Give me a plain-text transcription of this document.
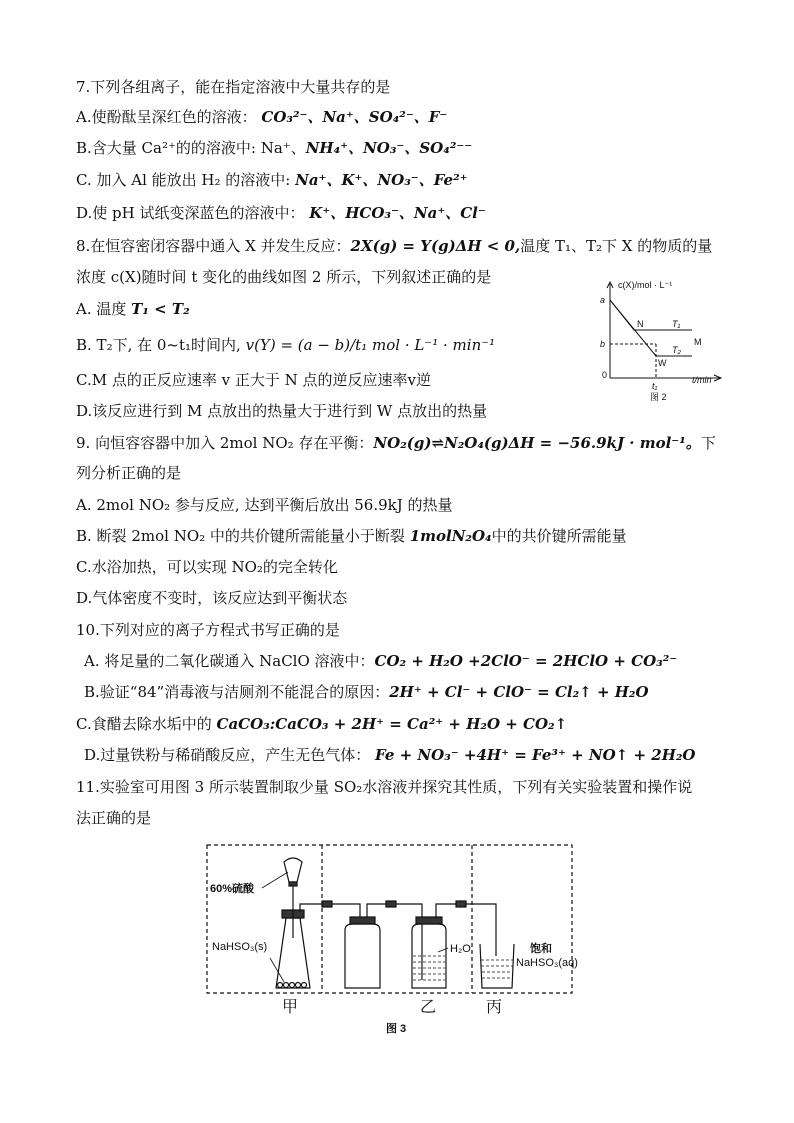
7.下列各组离子，能在指定溶液中大量共存的是
A.使酚酞呈深红色的溶液： CO₃²⁻、Na⁺、SO₄²⁻、F⁻
B.含大量 Ca²⁺的的溶液中: Na⁺、NH₄⁺、NO₃⁻、SO₄²⁻⁻
C. 加入 Al 能放出 H₂ 的溶液中: Na⁺、K⁺、NO₃⁻、Fe²⁺
D.使 pH 试纸变深蓝色的溶液中： K⁺、HCO₃⁻、Na⁺、Cl⁻
8.在恒容密闭容器中通入 X 并发生反应：2X(g) = Y(g)ΔH < 0,温度 T₁、T₂下 X 的物质的量
浓度 c(X)随时间 t 变化的曲线如图 2 所示，下列叙述正确的是
A. 温度 T₁ < T₂
B. T₂下, 在 0~t₁时间内, v(Y) = (a − b)/t₁ mol · L⁻¹ · min⁻¹
C.M 点的正反应速率 v 正大于 N 点的逆反应速率v逆
D.该反应进行到 M 点放出的热量大于进行到 W 点放出的热量
c(X)/mol · L⁻¹
a
b
0
t₁
t/min
N	T₁
M
T₂
W
图 2
9. 向恒容容器中加入 2mol NO₂ 存在平衡：NO₂(g)⇌N₂O₄(g)ΔH = −56.9kJ · mol⁻¹。下
列分析正确的是
A. 2mol NO₂ 参与反应, 达到平衡后放出 56.9kJ 的热量
B. 断裂 2mol NO₂ 中的共价键所需能量小于断裂 1molN₂O₄中的共价键所需能量
C.水浴加热，可以实现 NO₂的完全转化
D.气体密度不变时，该反应达到平衡状态
10.下列对应的离子方程式书写正确的是
A. 将足量的二氧化碳通入 NaClO 溶液中：CO₂ + H₂O +2ClO⁻ = 2HClO + CO₃²⁻
B.验证“84”消毒液与洁厕剂不能混合的原因：2H⁺ + Cl⁻ + ClO⁻ = Cl₂↑ + H₂O
C.食醋去除水垢中的 CaCO₃:CaCO₃ + 2H⁺ = Ca²⁺ + H₂O + CO₂↑
D.过量铁粉与稀硝酸反应，产生无色气体： Fe + NO₃⁻ +4H⁺ = Fe³⁺ + NO↑ + 2H₂O
11.实验室可用图 3 所示装置制取少量 SO₂水溶液并探究其性质，下列有关实验装置和操作说
法正确的是
60%硫酸
NaHSO₃(s)	H₂O	饱和
NaHSO₃(aq)
甲	乙	丙
图 3
